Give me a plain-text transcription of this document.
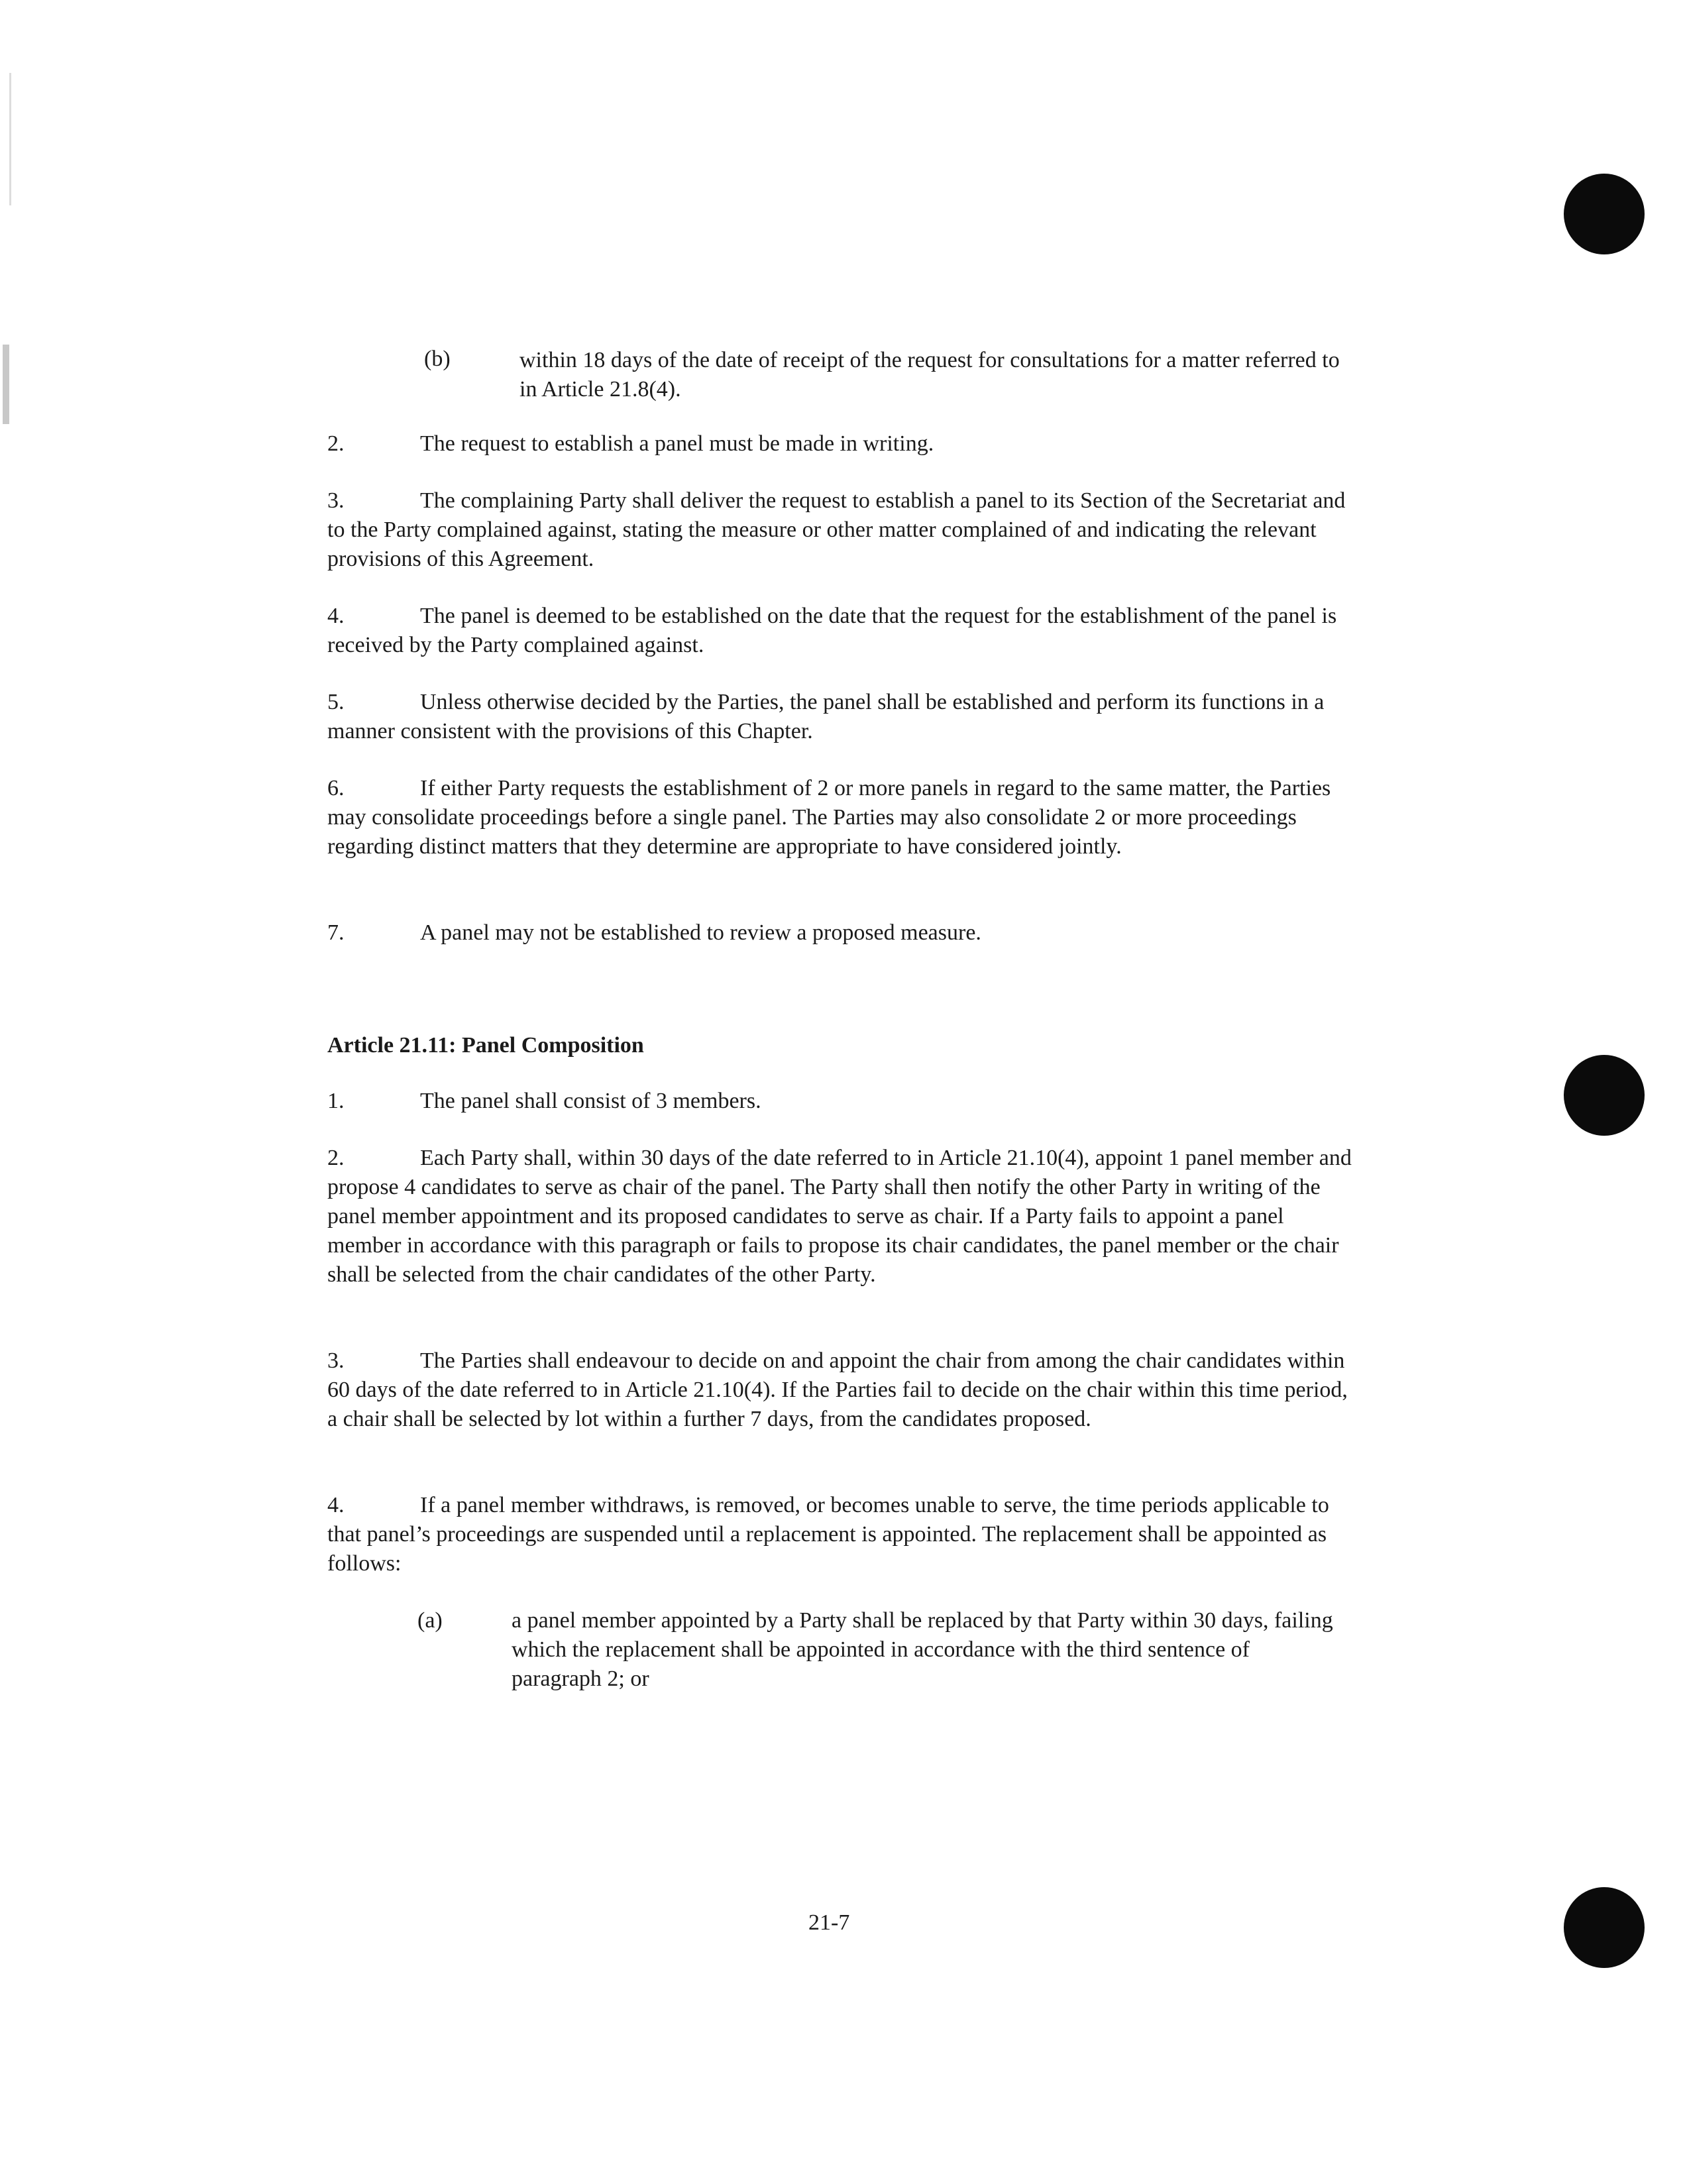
(b)	within 18 days of the date of receipt of the request for consultations for a matter referred to in Article 21.8(4).
2.	The request to establish a panel must be made in writing.
3.	The complaining Party shall deliver the request to establish a panel to its Section of the Secretariat and to the Party complained against, stating the measure or other matter complained of and indicating the relevant provisions of this Agreement.
4.	The panel is deemed to be established on the date that the request for the establishment of the panel is received by the Party complained against.
5.	Unless otherwise decided by the Parties, the panel shall be established and perform its functions in a manner consistent with the provisions of this Chapter.
6.	If either Party requests the establishment of 2 or more panels in regard to the same matter, the Parties may consolidate proceedings before a single panel. The Parties may also consolidate 2 or more proceedings regarding distinct matters that they determine are appropriate to have considered jointly.
7.	A panel may not be established to review a proposed measure.
Article 21.11: Panel Composition
1.	The panel shall consist of 3 members.
2.	Each Party shall, within 30 days of the date referred to in Article 21.10(4), appoint 1 panel member and propose 4 candidates to serve as chair of the panel. The Party shall then notify the other Party in writing of the panel member appointment and its proposed candidates to serve as chair. If a Party fails to appoint a panel member in accordance with this paragraph or fails to propose its chair candidates, the panel member or the chair shall be selected from the chair candidates of the other Party.
3.	The Parties shall endeavour to decide on and appoint the chair from among the chair candidates within 60 days of the date referred to in Article 21.10(4). If the Parties fail to decide on the chair within this time period, a chair shall be selected by lot within a further 7 days, from the candidates proposed.
4.	If a panel member withdraws, is removed, or becomes unable to serve, the time periods applicable to that panel’s proceedings are suspended until a replacement is appointed. The replacement shall be appointed as follows:
(a)	a panel member appointed by a Party shall be replaced by that Party within 30 days, failing which the replacement shall be appointed in accordance with the third sentence of paragraph 2; or
21-7
